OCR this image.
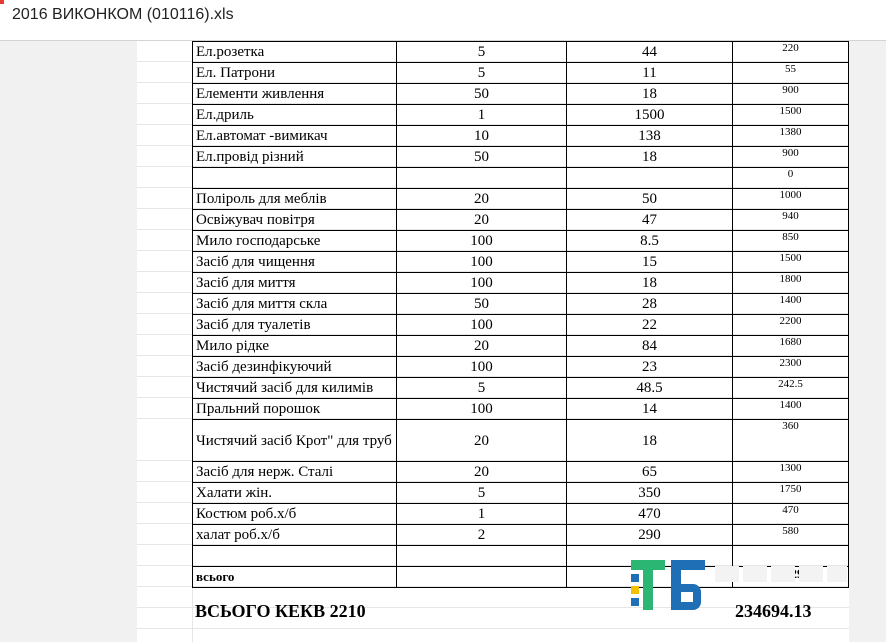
2016 ВИКОНКОМ (010116).xls
Ел.розетка	5	44	220
Ел. Патрони	5	11	55
Елементи живлення	50	18	900
Ел.дриль	1	1500	1500
Ел.автомат -вимикач	10	138	1380
Ел.провід різний	50	18	900
			0
Поліроль для меблів	20	50	1000
Освіжувач повітря	20	47	940
Мило господарське	100	8.5	850
Засіб для чищення	100	15	1500
Засіб для миття	100	18	1800
Засіб для миття скла	50	28	1400
Засіб для туалетів	100	22	2200
Мило рідке	20	84	1680
Засіб дезинфікуючий	100	23	2300
Чистячий засіб для килимів	5	48.5	242.5
Пральний порошок	100	14	1400
Чистячий засіб Крот" для труб	20	18	360
Засіб для нерж. Сталі	20	65	1300
Халати жін.	5	350	1750
Костюм роб.х/б	1	470	470
халат роб.х/б	2	290	580

всього			
ВСЬОГО КЕКВ 2210	234694.13
